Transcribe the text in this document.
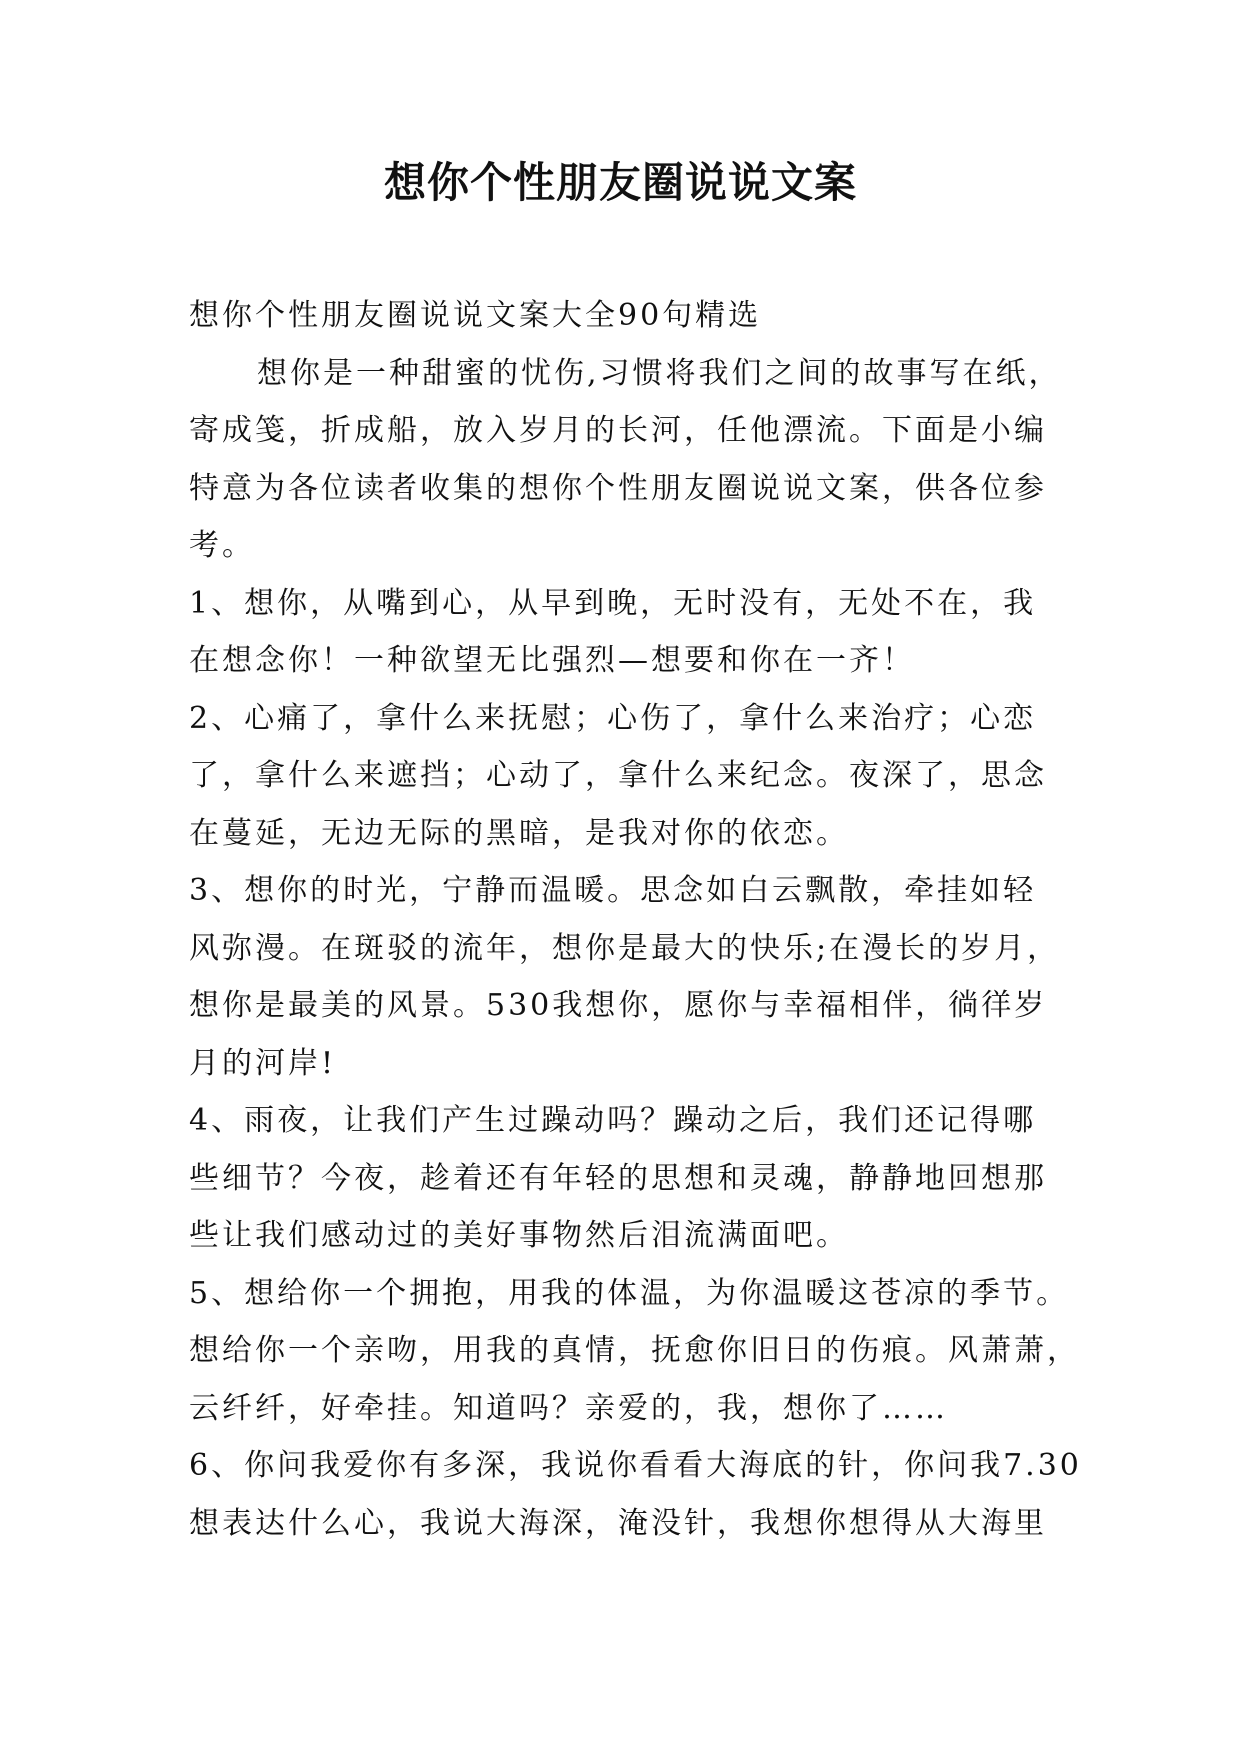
想你个性朋友圈说说文案
想你个性朋友圈说说文案大全90句精选
想你是一种甜蜜的忧伤,习惯将我们之间的故事写在纸，
寄成笺，折成船，放入岁月的长河，任他漂流。下面是小编
特意为各位读者收集的想你个性朋友圈说说文案，供各位参
考。
1、想你，从嘴到心，从早到晚，无时没有，无处不在，我
在想念你！一种欲望无比强烈—想要和你在一齐！
2、心痛了，拿什么来抚慰；心伤了，拿什么来治疗；心恋
了，拿什么来遮挡；心动了，拿什么来纪念。夜深了，思念
在蔓延，无边无际的黑暗，是我对你的依恋。
3、想你的时光，宁静而温暖。思念如白云飘散，牵挂如轻
风弥漫。在斑驳的流年，想你是最大的快乐;在漫长的岁月，
想你是最美的风景。530我想你，愿你与幸福相伴，徜徉岁
月的河岸!
4、雨夜，让我们产生过躁动吗？躁动之后，我们还记得哪
些细节？今夜，趁着还有年轻的思想和灵魂，静静地回想那
些让我们感动过的美好事物然后泪流满面吧。
5、想给你一个拥抱，用我的体温，为你温暖这苍凉的季节。
想给你一个亲吻，用我的真情，抚愈你旧日的伤痕。风萧萧，
云纤纤，好牵挂。知道吗？亲爱的，我，想你了……
6、你问我爱你有多深，我说你看看大海底的针，你问我7.30
想表达什么心，我说大海深，淹没针，我想你想得从大海里
